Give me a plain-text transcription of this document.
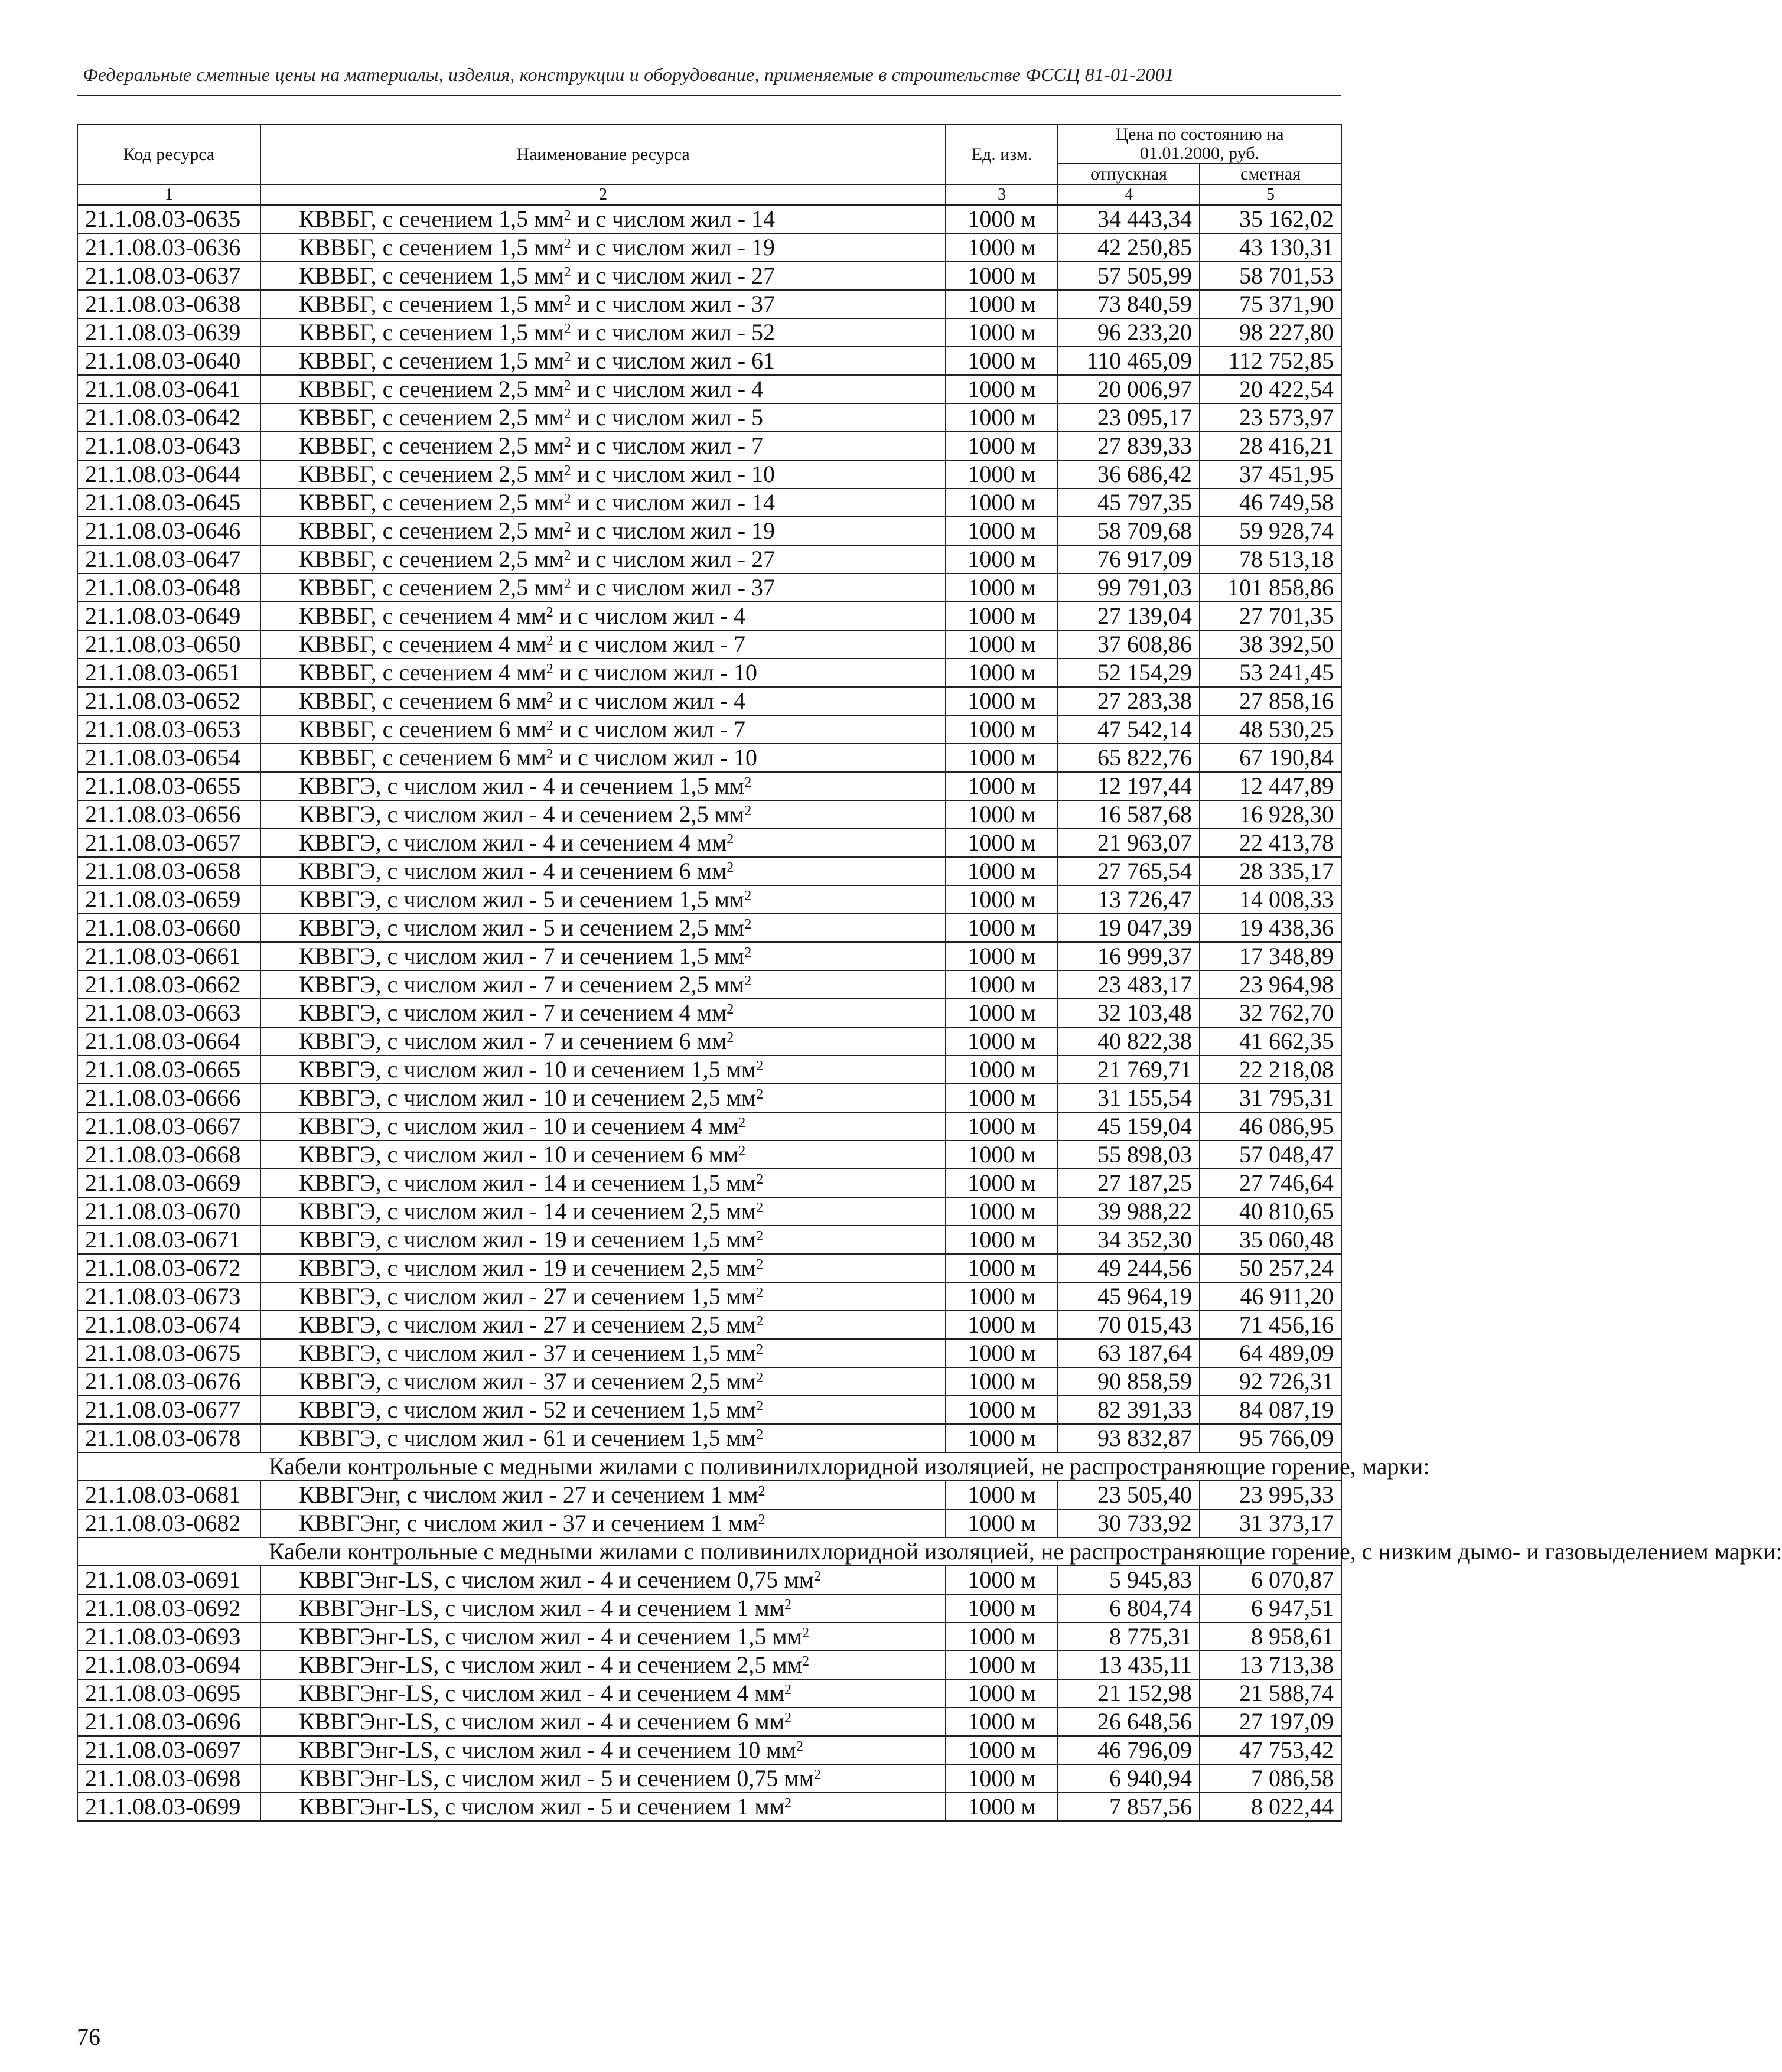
Федеральные сметные цены на материалы, изделия, конструкции и оборудование, применяемые в строительстве ФССЦ 81-01-2001
Код ресурса	Наименование ресурса	Ед. изм.	Цена по состоянию на 01.01.2000, руб.	
			отпускная	сметная
1	2	3	4	5
21.1.08.03-0635	КВВБГ, с сечением 1,5 $мм^2$ и с числом жил - 14	1000 м	34 443,34	35 162,02
21.1.08.03-0636	КВВБГ, с сечением 1,5 $мм^2$ и с числом жил - 19	1000 м	42 250,85	43 130,31
21.1.08.03-0637	КВВБГ, с сечением 1,5 $мм^2$ и с числом жил - 27	1000 м	57 505,99	58 701,53
21.1.08.03-0638	КВВБГ, с сечением 1,5 $мм^2$ и с числом жил - 37	1000 м	73 840,59	75 371,90
21.1.08.03-0639	КВВБГ, с сечением 1,5 $мм^2$ и с числом жил - 52	1000 м	96 233,20	98 227,80
21.1.08.03-0640	КВВБГ, с сечением 1,5 $мм^2$ и с числом жил - 61	1000 м	110 465,09	112 752,85
21.1.08.03-0641	КВВБГ, с сечением 2,5 $мм^2$ и с числом жил - 4	1000 м	20 006,97	20 422,54
21.1.08.03-0642	КВВБГ, с сечением 2,5 $мм^2$ и с числом жил - 5	1000 м	23 095,17	23 573,97
21.1.08.03-0643	КВВБГ, с сечением 2,5 $мм^2$ и с числом жил - 7	1000 м	27 839,33	28 416,21
21.1.08.03-0644	КВВБГ, с сечением 2,5 $мм^2$ и с числом жил - 10	1000 м	36 686,42	37 451,95
21.1.08.03-0645	КВВБГ, с сечением 2,5 $мм^2$ и с числом жил - 14	1000 м	45 797,35	46 749,58
21.1.08.03-0646	КВВБГ, с сечением 2,5 $мм^2$ и с числом жил - 19	1000 м	58 709,68	59 928,74
21.1.08.03-0647	КВВБГ, с сечением 2,5 $мм^2$ и с числом жил - 27	1000 м	76 917,09	78 513,18
21.1.08.03-0648	КВВБГ, с сечением 2,5 $мм^2$ и с числом жил - 37	1000 м	99 791,03	101 858,86
21.1.08.03-0649	КВВБГ, с сечением 4 $мм^2$ и с числом жил - 4	1000 м	27 139,04	27 701,35
21.1.08.03-0650	КВВБГ, с сечением 4 $мм^2$ и с числом жил - 7	1000 м	37 608,86	38 392,50
21.1.08.03-0651	КВВБГ, с сечением 4 $мм^2$ и с числом жил - 10	1000 м	52 154,29	53 241,45
21.1.08.03-0652	КВВБГ, с сечением 6 $мм^2$ и с числом жил - 4	1000 м	27 283,38	27 858,16
21.1.08.03-0653	КВВБГ, с сечением 6 $мм^2$ и с числом жил - 7	1000 м	47 542,14	48 530,25
21.1.08.03-0654	КВВБГ, с сечением 6 $мм^2$ и с числом жил - 10	1000 м	65 822,76	67 190,84
21.1.08.03-0655	КВВГЭ, с числом жил - 4 и сечением 1,5 $мм^2$	1000 м	12 197,44	12 447,89
21.1.08.03-0656	КВВГЭ, с числом жил - 4 и сечением 2,5 $мм^2$	1000 м	16 587,68	16 928,30
21.1.08.03-0657	КВВГЭ, с числом жил - 4 и сечением 4 $мм^2$	1000 м	21 963,07	22 413,78
21.1.08.03-0658	КВВГЭ, с числом жил - 4 и сечением 6 $мм^2$	1000 м	27 765,54	28 335,17
21.1.08.03-0659	КВВГЭ, с числом жил - 5 и сечением 1,5 $мм^2$	1000 м	13 726,47	14 008,33
21.1.08.03-0660	КВВГЭ, с числом жил - 5 и сечением 2,5 $мм^2$	1000 м	19 047,39	19 438,36
21.1.08.03-0661	КВВГЭ, с числом жил - 7 и сечением 1,5 $мм^2$	1000 м	16 999,37	17 348,89
21.1.08.03-0662	КВВГЭ, с числом жил - 7 и сечением 2,5 $мм^2$	1000 м	23 483,17	23 964,98
21.1.08.03-0663	КВВГЭ, с числом жил - 7 и сечением 4 $мм^2$	1000 м	32 103,48	32 762,70
21.1.08.03-0664	КВВГЭ, с числом жил - 7 и сечением 6 $мм^2$	1000 м	40 822,38	41 662,35
21.1.08.03-0665	КВВГЭ, с числом жил - 10 и сечением 1,5 $мм^2$	1000 м	21 769,71	22 218,08
21.1.08.03-0666	КВВГЭ, с числом жил - 10 и сечением 2,5 $мм^2$	1000 м	31 155,54	31 795,31
21.1.08.03-0667	КВВГЭ, с числом жил - 10 и сечением 4 $мм^2$	1000 м	45 159,04	46 086,95
21.1.08.03-0668	КВВГЭ, с числом жил - 10 и сечением 6 $мм^2$	1000 м	55 898,03	57 048,47
21.1.08.03-0669	КВВГЭ, с числом жил - 14 и сечением 1,5 $мм^2$	1000 м	27 187,25	27 746,64
21.1.08.03-0670	КВВГЭ, с числом жил - 14 и сечением 2,5 $мм^2$	1000 м	39 988,22	40 810,65
21.1.08.03-0671	КВВГЭ, с числом жил - 19 и сечением 1,5 $мм^2$	1000 м	34 352,30	35 060,48
21.1.08.03-0672	КВВГЭ, с числом жил - 19 и сечением 2,5 $мм^2$	1000 м	49 244,56	50 257,24
21.1.08.03-0673	КВВГЭ, с числом жил - 27 и сечением 1,5 $мм^2$	1000 м	45 964,19	46 911,20
21.1.08.03-0674	КВВГЭ, с числом жил - 27 и сечением 2,5 $мм^2$	1000 м	70 015,43	71 456,16
21.1.08.03-0675	КВВГЭ, с числом жил - 37 и сечением 1,5 $мм^2$	1000 м	63 187,64	64 489,09
21.1.08.03-0676	КВВГЭ, с числом жил - 37 и сечением 2,5 $мм^2$	1000 м	90 858,59	92 726,31
21.1.08.03-0677	КВВГЭ, с числом жил - 52 и сечением 1,5 $мм^2$	1000 м	82 391,33	84 087,19
21.1.08.03-0678	КВВГЭ, с числом жил - 61 и сечением 1,5 $мм^2$	1000 м	93 832,87	95 766,09
	Кабели контрольные с медными жилами с поливинилхлоридной изоляцией, не распространяющие горение, марки:			
21.1.08.03-0681	КВВГЭнг, с числом жил - 27 и сечением 1 $мм^2$	1000 м	23 505,40	23 995,33
21.1.08.03-0682	КВВГЭнг, с числом жил - 37 и сечением 1 $мм^2$	1000 м	30 733,92	31 373,17
	Кабели контрольные с медными жилами с поливинилхлоридной изоляцией, не распространяющие горение, с низким дымо- и газовыделением марки:			
21.1.08.03-0691	КВВГЭнг-LS, с числом жил - 4 и сечением 0,75 $мм^2$	1000 м	5 945,83	6 070,87
21.1.08.03-0692	КВВГЭнг-LS, с числом жил - 4 и сечением 1 $мм^2$	1000 м	6 804,74	6 947,51
21.1.08.03-0693	КВВГЭнг-LS, с числом жил - 4 и сечением 1,5 $мм^2$	1000 м	8 775,31	8 958,61
21.1.08.03-0694	КВВГЭнг-LS, с числом жил - 4 и сечением 2,5 $мм^2$	1000 м	13 435,11	13 713,38
21.1.08.03-0695	КВВГЭнг-LS, с числом жил - 4 и сечением 4 $мм^2$	1000 м	21 152,98	21 588,74
21.1.08.03-0696	КВВГЭнг-LS, с числом жил - 4 и сечением 6 $мм^2$	1000 м	26 648,56	27 197,09
21.1.08.03-0697	КВВГЭнг-LS, с числом жил - 4 и сечением 10 $мм^2$	1000 м	46 796,09	47 753,42
21.1.08.03-0698	КВВГЭнг-LS, с числом жил - 5 и сечением 0,75 $мм^2$	1000 м	6 940,94	7 086,58
21.1.08.03-0699	КВВГЭнг-LS, с числом жил - 5 и сечением 1 $мм^2$	1000 м	7 857,56	8 022,44
76
